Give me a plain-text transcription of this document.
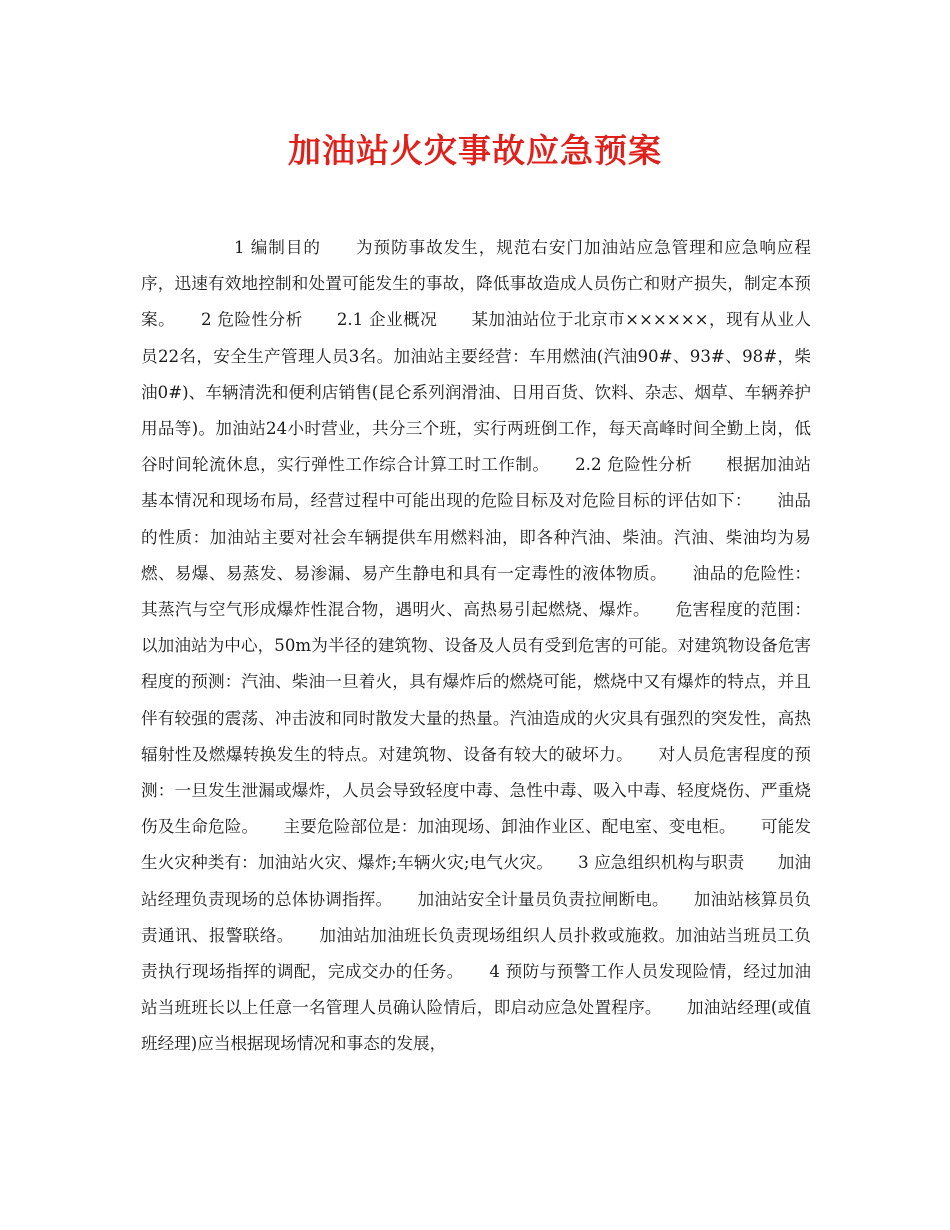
加油站火灾事故应急预案

1 编制目的　　为预防事故发生，规范右安门加油站应急管理和应急响应程序，迅速有效地控制和处置可能发生的事故，降低事故造成人员伤亡和财产损失，制定本预案。　　2 危险性分析　　2.1 企业概况　　某加油站位于北京市××××××，现有从业人员22名，安全生产管理人员3名。加油站主要经营：车用燃油(汽油90#、93#、98#，柴油0#)、车辆清洗和便利店销售(昆仑系列润滑油、日用百货、饮料、杂志、烟草、车辆养护用品等)。加油站24小时营业，共分三个班，实行两班倒工作，每天高峰时间全勤上岗，低谷时间轮流休息，实行弹性工作综合计算工时工作制。　　2.2 危险性分析　　根据加油站基本情况和现场布局，经营过程中可能出现的危险目标及对危险目标的评估如下：　　油品的性质：加油站主要对社会车辆提供车用燃料油，即各种汽油、柴油。汽油、柴油均为易燃、易爆、易蒸发、易渗漏、易产生静电和具有一定毒性的液体物质。　　油品的危险性：其蒸汽与空气形成爆炸性混合物，遇明火、高热易引起燃烧、爆炸。　　危害程度的范围：以加油站为中心，50m为半径的建筑物、设备及人员有受到危害的可能。对建筑物设备危害程度的预测：汽油、柴油一旦着火，具有爆炸后的燃烧可能，燃烧中又有爆炸的特点，并且伴有较强的震荡、冲击波和同时散发大量的热量。汽油造成的火灾具有强烈的突发性，高热辐射性及燃爆转换发生的特点。对建筑物、设备有较大的破坏力。　　对人员危害程度的预测：一旦发生泄漏或爆炸，人员会导致轻度中毒、急性中毒、吸入中毒、轻度烧伤、严重烧伤及生命危险。　　主要危险部位是：加油现场、卸油作业区、配电室、变电柜。　　可能发生火灾种类有：加油站火灾、爆炸;车辆火灾;电气火灾。　　3 应急组织机构与职责　　加油站经理负责现场的总体协调指挥。　　加油站安全计量员负责拉闸断电。　　加油站核算员负责通讯、报警联络。　　加油站加油班长负责现场组织人员扑救或施救。加油站当班员工负责执行现场指挥的调配，完成交办的任务。　　4 预防与预警工作人员发现险情，经过加油站当班班长以上任意一名管理人员确认险情后，即启动应急处置程序。　　加油站经理(或值班经理)应当根据现场情况和事态的发展，
